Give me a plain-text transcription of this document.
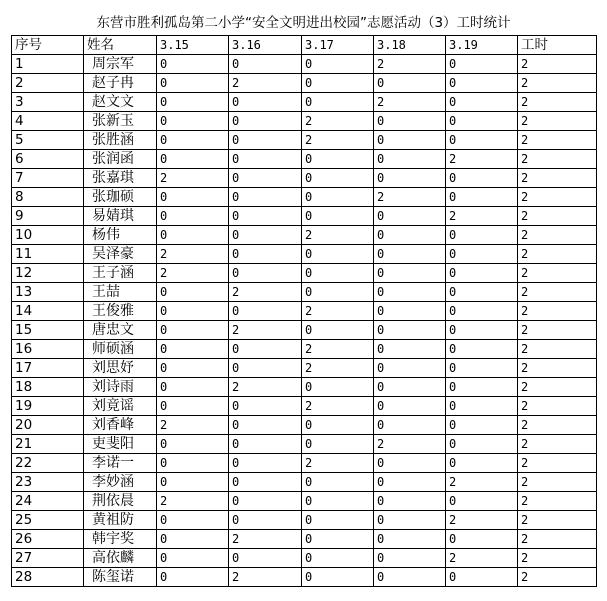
东营市胜利孤岛第二小学“安全文明进出校园”志愿活动（3）工时统计
序号	姓名	3.15	3.16	3.17	3.18	3.19	工时
1	周宗军	0	0	0	2	0	2
2	赵子冉	0	2	0	0	0	2
3	赵文文	0	0	0	2	0	2
4	张新玉	0	0	2	0	0	2
5	张胜涵	0	0	2	0	0	2
6	张润函	0	0	0	0	2	2
7	张嘉琪	2	0	0	0	0	2
8	张珈硕	0	0	0	2	0	2
9	易婧琪	0	0	0	0	2	2
10	杨伟	0	0	2	0	0	2
11	吴泽豪	2	0	0	0	0	2
12	王子涵	2	0	0	0	0	2
13	王喆	0	2	0	0	0	2
14	王俊雅	0	0	2	0	0	2
15	唐忠文	0	2	0	0	0	2
16	师硕涵	0	0	2	0	0	2
17	刘思妤	0	0	2	0	0	2
18	刘诗雨	0	2	0	0	0	2
19	刘竟谣	0	0	2	0	0	2
20	刘香峰	2	0	0	0	0	2
21	吏斐阳	0	0	0	2	0	2
22	李诺一	0	0	2	0	0	2
23	李妙涵	0	0	0	0	2	2
24	荆依晨	2	0	0	0	0	2
25	黄祖防	0	0	0	0	2	2
26	韩宇奖	0	2	0	0	0	2
27	高依麟	0	0	0	0	2	2
28	陈玺诺	0	2	0	0	0	2
